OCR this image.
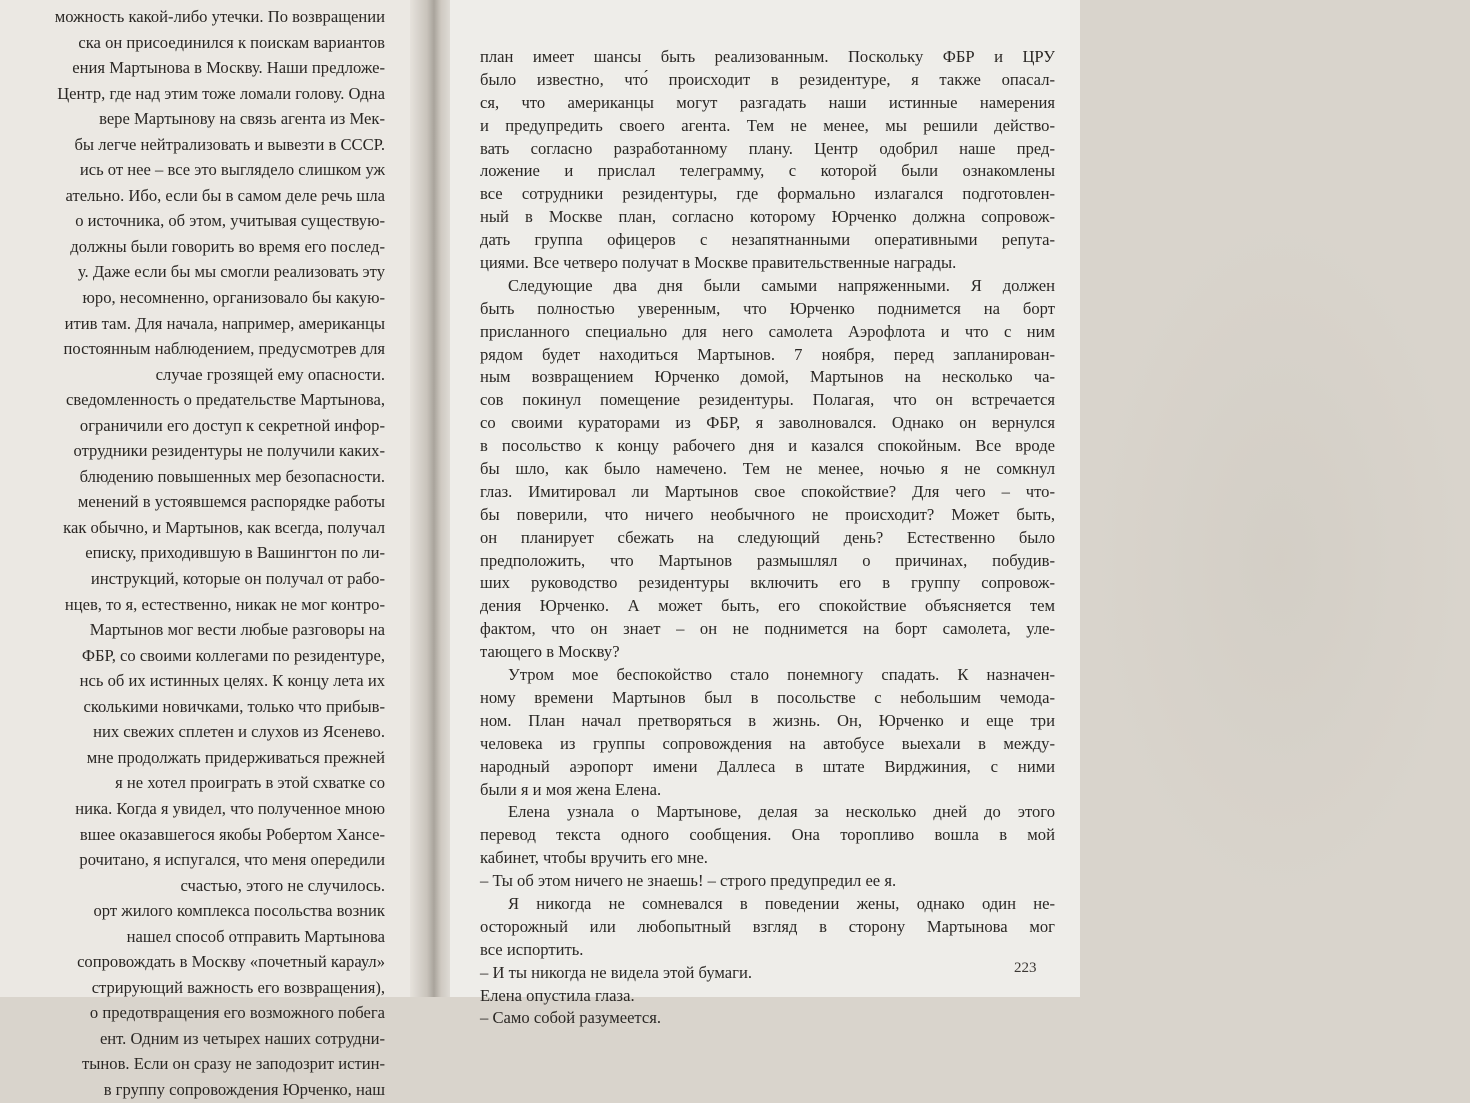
можность какой-либо утечки. По возвращении
ска он присоединился к поискам вариантов
ения Мартынова в Москву. Наши предложе-
Центр, где над этим тоже ломали голову. Одна
вере Мартынову на связь агента из Мек-
бы легче нейтрализовать и вывезти в СССР.
ись от нее – все это выглядело слишком уж
ательно. Ибо, если бы в самом деле речь шла
о источника, об этом, учитывая существую-
должны были говорить во время его послед-
у. Даже если бы мы смогли реализовать эту
юро, несомненно, организовало бы какую-
итив там. Для начала, например, американцы
постоянным наблюдением, предусмотрев для
случае грозящей ему опасности.
сведомленность о предательстве Мартынова,
ограничили его доступ к секретной инфор-
отрудники резидентуры не получили каких-
блюдению повышенных мер безопасности.
менений в устоявшемся распорядке работы
как обычно, и Мартынов, как всегда, получал
еписку, приходившую в Вашингтон по ли-
инструкций, которые он получал от рабо-
нцев, то я, естественно, никак не мог контро-
Мартынов мог вести любые разговоры на
ФБР, со своими коллегами по резидентуре,
нсь об их истинных целях. К концу лета их
сколькими новичками, только что прибыв-
них свежих сплетен и слухов из Ясенево.
мне продолжать придерживаться прежней
я не хотел проиграть в этой схватке со
ника. Когда я увидел, что полученное мною
вшее оказавшегося якобы Робертом Хансе-
рочитано, я испугался, что меня опередили
счастью, этого не случилось.
орт жилого комплекса посольства возник
нашел способ отправить Мартынова
сопровождать в Москву «почетный караул»
стрирующий важность его возвращения),
о предотвращения его возможного побега
ент. Одним из четырех наших сотрудни-
тынов. Если он сразу не заподозрит истин-
в группу сопровождения Юрченко, наш
план имеет шансы быть реализованным. Поскольку ФБР и ЦРУ
было известно, что́ происходит в резидентуре, я также опасал-
ся, что американцы могут разгадать наши истинные намерения
и предупредить своего агента. Тем не менее, мы решили действо-
вать согласно разработанному плану. Центр одобрил наше пред-
ложение и прислал телеграмму, с которой были ознакомлены
все сотрудники резидентуры, где формально излагался подготовлен-
ный в Москве план, согласно которому Юрченко должна сопровож-
дать группа офицеров с незапятнанными оперативными репута-
циями. Все четверо получат в Москве правительственные награды.
Следующие два дня были самыми напряженными. Я должен
быть полностью уверенным, что Юрченко поднимется на борт
присланного специально для него самолета Аэрофлота и что с ним
рядом будет находиться Мартынов. 7 ноября, перед запланирован-
ным возвращением Юрченко домой, Мартынов на несколько ча-
сов покинул помещение резидентуры. Полагая, что он встречается
со своими кураторами из ФБР, я заволновался. Однако он вернулся
в посольство к концу рабочего дня и казался спокойным. Все вроде
бы шло, как было намечено. Тем не менее, ночью я не сомкнул
глаз. Имитировал ли Мартынов свое спокойствие? Для чего – что-
бы поверили, что ничего необычного не происходит? Может быть,
он планирует сбежать на следующий день? Естественно было
предположить, что Мартынов размышлял о причинах, побудив-
ших руководство резидентуры включить его в группу сопровож-
дения Юрченко. А может быть, его спокойствие объясняется тем
фактом, что он знает – он не поднимется на борт самолета, уле-
тающего в Москву?
Утром мое беспокойство стало понемногу спадать. К назначен-
ному времени Мартынов был в посольстве с небольшим чемода-
ном. План начал претворяться в жизнь. Он, Юрченко и еще три
человека из группы сопровождения на автобусе выехали в между-
народный аэропорт имени Даллеса в штате Вирджиния, с ними
были я и моя жена Елена.
Елена узнала о Мартынове, делая за несколько дней до этого
перевод текста одного сообщения. Она торопливо вошла в мой
кабинет, чтобы вручить его мне.
– Ты об этом ничего не знаешь! – строго предупредил ее я.
Я никогда не сомневался в поведении жены, однако один не-
осторожный или любопытный взгляд в сторону Мартынова мог
все испортить.
– И ты никогда не видела этой бумаги.
Елена опустила глаза.
– Само собой разумеется.
223
